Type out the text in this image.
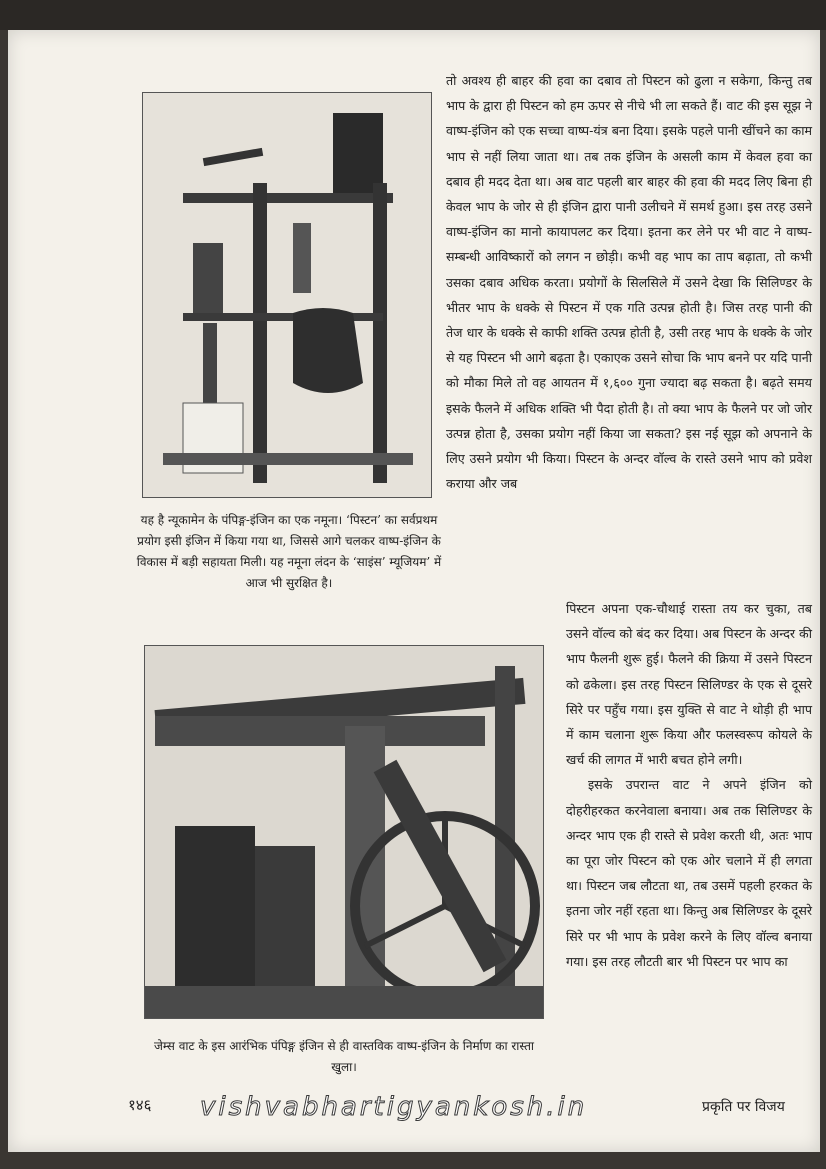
यह है न्यूकामेन के पंपिङ्ग-इंजिन का एक नमूना। ‘पिस्टन’ का सर्वप्रथम प्रयोग इसी इंजिन में किया गया था, जिससे आगे चलकर वाष्प-इंजिन के विकास में बड़ी सहायता मिली। यह नमूना लंदन के ‘साइंस’ म्यूजियम’ में आज भी सुरक्षित है।
तो अवश्य ही बाहर की हवा का दबाव तो पिस्टन को ढुला न सकेगा, किन्तु तब भाप के द्वारा ही पिस्टन को हम ऊपर से नीचे भी ला सकते हैं। वाट की इस सूझ ने वाष्प-इंजिन को एक सच्चा वाष्प-यंत्र बना दिया। इसके पहले पानी खींचने का काम भाप से नहीं लिया जाता था। तब तक इंजिन के असली काम में केवल हवा का दबाव ही मदद देता था। अब वाट पहली बार बाहर की हवा की मदद लिए बिना ही केवल भाप के जोर से ही इंजिन द्वारा पानी उलीचने में समर्थ हुआ। इस तरह उसने वाष्प-इंजिन का मानो कायापलट कर दिया। इतना कर लेने पर भी वाट ने वाष्प-सम्बन्धी आविष्कारों को लगन न छोड़ी। कभी वह भाप का ताप बढ़ाता, तो कभी उसका दबाव अधिक करता। प्रयोगों के सिलसिले में उसने देखा कि सिलिण्डर के भीतर भाप के धक्के से पिस्टन में एक गति उत्पन्न होती है। जिस तरह पानी की तेज धार के धक्के से काफी शक्ति उत्पन्न होती है, उसी तरह भाप के धक्के के जोर से यह पिस्टन भी आगे बढ़ता है। एकाएक उसने सोचा कि भाप बनने पर यदि पानी को मौका मिले तो वह आयतन में १,६०० गुना ज्यादा बढ़ सकता है। बढ़ते समय इसके फैलने में अधिक शक्ति भी पैदा होती है। तो क्या भाप के फैलने पर जो जोर उत्पन्न होता है, उसका प्रयोग नहीं किया जा सकता? इस नई सूझ को अपनाने के लिए उसने प्रयोग भी किया। पिस्टन के अन्दर वॉल्व के रास्ते उसने भाप को प्रवेश कराया और जब
जेम्स वाट के इस आरंभिक पंपिङ्ग इंजिन से ही वास्तविक वाष्प-इंजिन के निर्माण का रास्ता खुला।

पिस्टन अपना एक-चौथाई रास्ता तय कर चुका, तब उसने वॉल्व को बंद कर दिया। अब पिस्टन के अन्दर की भाप फैलनी शुरू हुई। फैलने की क्रिया में उसने पिस्टन को ढकेला। इस तरह पिस्टन सिलिण्डर के एक से दूसरे सिरे पर पहुँच गया। इस युक्ति से वाट ने थोड़ी ही भाप में काम चलाना शुरू किया और फलस्वरूप कोयले के खर्च की लागत में भारी बचत होने लगी।

इसके उपरान्त वाट ने अपने इंजिन को दोहरीहरकत करनेवाला बनाया। अब तक सिलिण्डर के अन्दर भाप एक ही रास्ते से प्रवेश करती थी, अतः भाप का पूरा जोर पिस्टन को एक ओर चलाने में ही लगता था। पिस्टन जब लौटता था, तब उसमें पहली हरकत के इतना जोर नहीं रहता था। किन्तु अब सिलिण्डर के दूसरे सिरे पर भी भाप के प्रवेश करने के लिए वॉल्व बनाया गया। इस तरह लौटती बार भी पिस्टन पर भाप का

१४६ vishvabhartigyankosh.in	प्रकृति पर विजय
